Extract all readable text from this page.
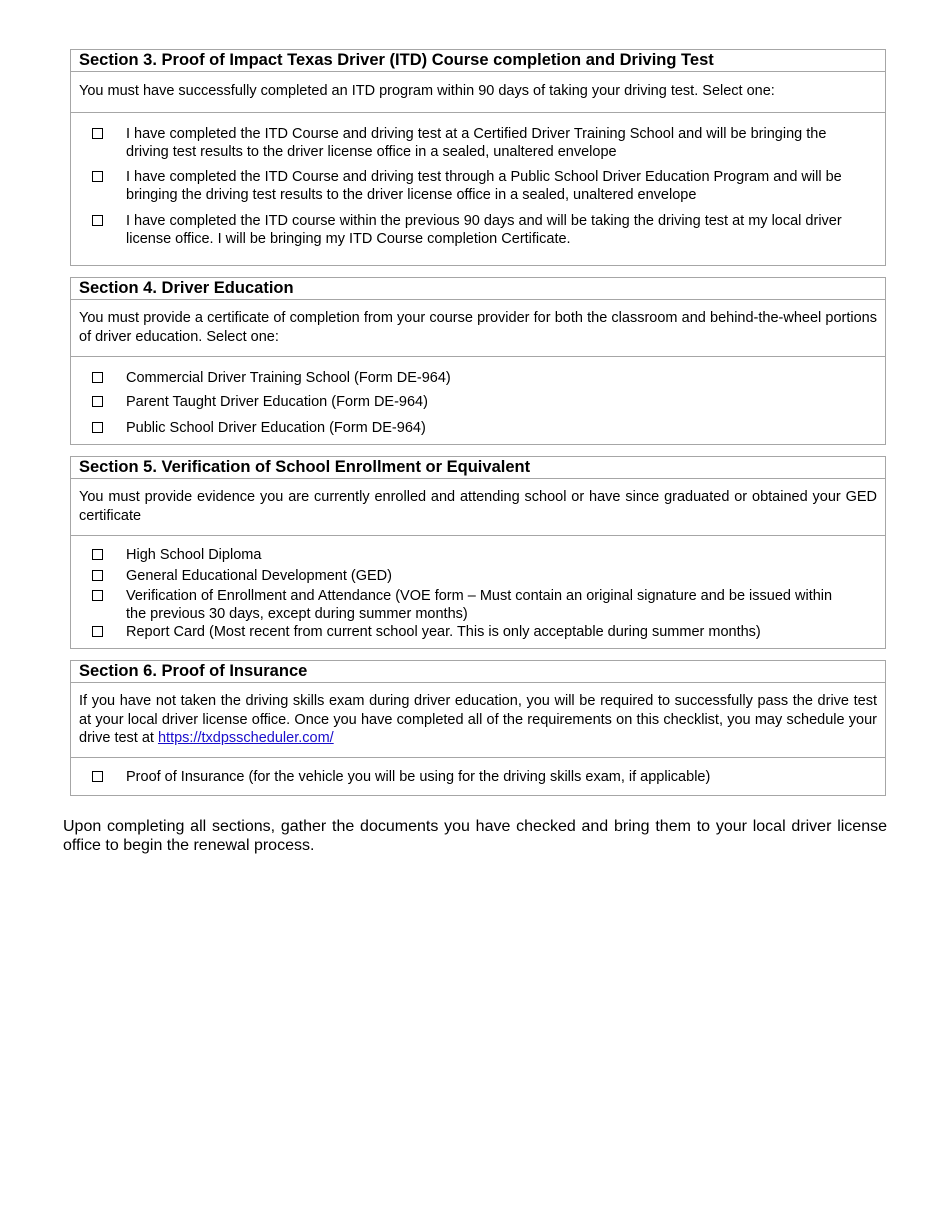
Section 3. Proof of Impact Texas Driver (ITD) Course completion and Driving Test
You must have successfully completed an ITD program within 90 days of taking your driving test. Select one:
I have completed the ITD Course and driving test at a Certified Driver Training School and will be bringing the driving test results to the driver license office in a sealed, unaltered envelope
I have completed the ITD Course and driving test through a Public School Driver Education Program and will be bringing the driving test results to the driver license office in a sealed, unaltered envelope
I have completed the ITD course within the previous 90 days and will be taking the driving test at my local driver license office. I will be bringing my ITD Course completion Certificate.
Section 4. Driver Education
You must provide a certificate of completion from your course provider for both the classroom and behind-the-wheel portions of driver education. Select one:
Commercial Driver Training School (Form DE-964)
Parent Taught Driver Education (Form DE-964)
Public School Driver Education (Form DE-964)
Section 5. Verification of School Enrollment or Equivalent
You must provide evidence you are currently enrolled and attending school or have since graduated or obtained your GED certificate
High School Diploma
General Educational Development (GED)
Verification of Enrollment and Attendance (VOE form – Must contain an original signature and be issued within the previous 30 days, except during summer months)
Report Card (Most recent from current school year. This is only acceptable during summer months)
Section 6. Proof of Insurance
If you have not taken the driving skills exam during driver education, you will be required to successfully pass the drive test at your local driver license office. Once you have completed all of the requirements on this checklist, you may schedule your drive test at https://txdpsscheduler.com/
Proof of Insurance (for the vehicle you will be using for the driving skills exam, if applicable)
Upon completing all sections, gather the documents you have checked and bring them to your local driver license office to begin the renewal process.
